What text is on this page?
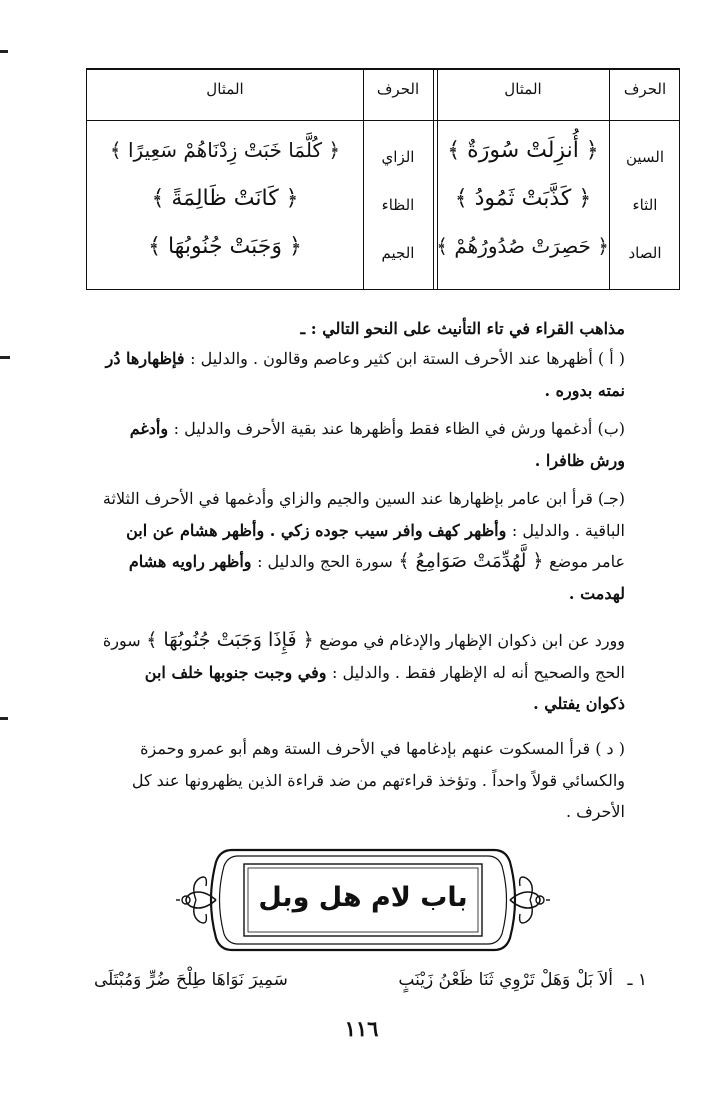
الحرف
المثال
الحرف
المثال
السين
﴿ أُنزِلَتْ سُورَةٌ ﴾
الثاء
﴿ كَذَّبَتْ ثَمُودُ ﴾
الصاد
﴿ حَصِرَتْ صُدُورُهُمْ ﴾
الزاي
﴿ كُلَّمَا خَبَتْ زِدْنَاهُمْ سَعِيرًا ﴾
الظاء
﴿ كَانَتْ ظَالِمَةً ﴾
الجيم
﴿ وَجَبَتْ جُنُوبُهَا ﴾
مذاهب القراء في تاء التأنيث على النحو التالي : ـ
( أ ) أظهرها عند الأحرف الستة ابن كثير وعاصم وقالون . والدليل : فإظهارها دُر
نمته بدوره .
(ب) أدغمها ورش في الظاء فقط وأظهرها عند بقية الأحرف والدليل : وأدغم
ورش ظافرا .
(جـ) قرأ ابن عامر بإظهارها عند السين والجيم والزاي وأدغمها في الأحرف الثلاثة
الباقية . والدليل : وأظهر كهف وافر سيب جوده زكي . وأظهر هشام عن ابن
عامر موضع ﴿ لَّهُدِّمَتْ صَوَامِعُ ﴾ سورة الحج والدليل : وأظهر راويه هشام
لهدمت .
وورد عن ابن ذكوان الإظهار والإدغام في موضع ﴿ فَإِذَا وَجَبَتْ جُنُوبُهَا ﴾ سورة
الحج والصحيح أنه له الإظهار فقط . والدليل : وفي وجبت جنوبها خلف ابن
ذكوان يفتلي .
( د ) قرأ المسكوت عنهم بإدغامها في الأحرف الستة وهم أبو عمرو وحمزة
والكسائي قولاً واحداً . وتؤخذ قراءتهم من ضد قراءة الذين يظهرونها عند كل
الأحرف .
باب لام هل وبل
١ ـ
ألاَ بَلْ وَهَلْ تَرْوِي ثَنَا ظَعْنُ زَيْنَبٍ
سَمِيرَ نَوَاهَا طِلْحَ ضُرٍّ وَمُبْتَلَى
١١٦
